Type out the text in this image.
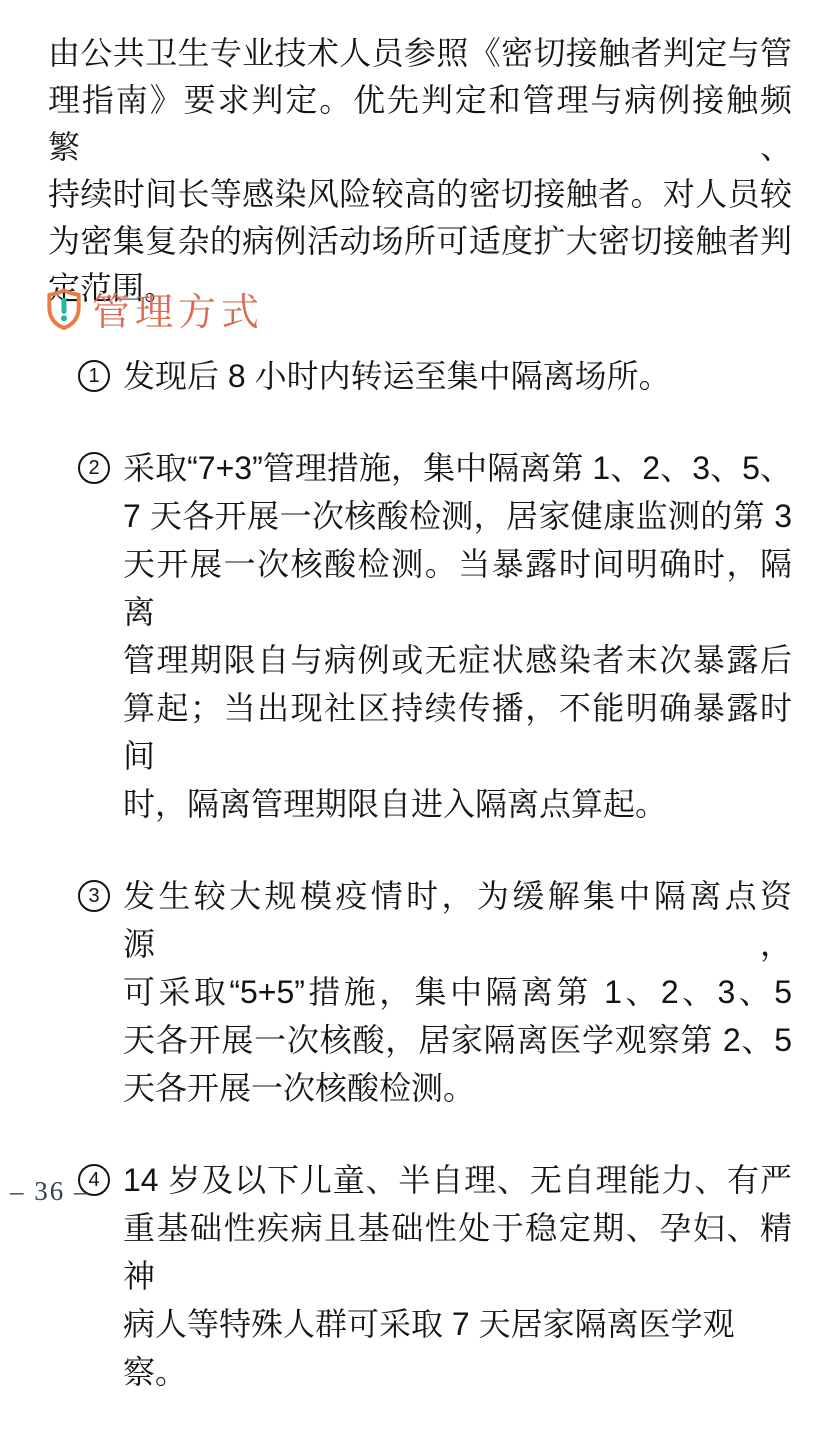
由公共卫生专业技术人员参照《密切接触者判定与管
理指南》要求判定。优先判定和管理与病例接触频繁、
持续时间长等感染风险较高的密切接触者。对人员较
为密集复杂的病例活动场所可适度扩大密切接触者判
定范围。
管理方式
1 发现后 8 小时内转运至集中隔离场所。
2 采取“7+3”管理措施，集中隔离第 1、2、3、5、
7 天各开展一次核酸检测，居家健康监测的第 3
天开展一次核酸检测。当暴露时间明确时，隔离
管理期限自与病例或无症状感染者末次暴露后
算起；当出现社区持续传播，不能明确暴露时间
时，隔离管理期限自进入隔离点算起。
3 发生较大规模疫情时，为缓解集中隔离点资源，
可采取“5+5”措施，集中隔离第 1、2、3、5
天各开展一次核酸，居家隔离医学观察第 2、5
天各开展一次核酸检测。
4 14 岁及以下儿童、半自理、无自理能力、有严
重基础性疾病且基础性处于稳定期、孕妇、精神
病人等特殊人群可采取 7 天居家隔离医学观察。
– 36 –
